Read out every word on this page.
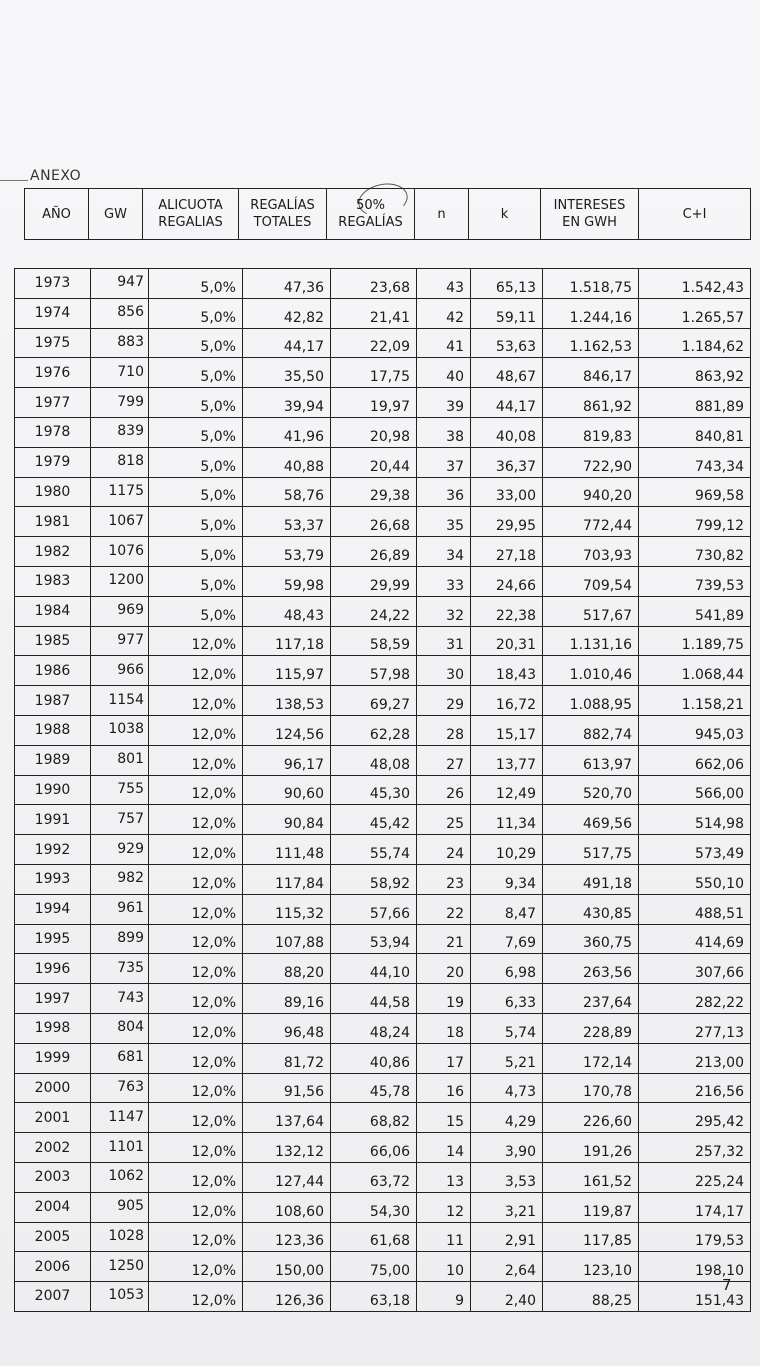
ANEXO
AÑO	GW	ALICUOTA REGALIAS	REGALÍAS TOTALES	50% REGALÍAS	n	k	INTERESES EN GWH	C+I
1973	947	5,0%	47,36	23,68	43	65,13	1.518,75	1.542,43
1974	856	5,0%	42,82	21,41	42	59,11	1.244,16	1.265,57
1975	883	5,0%	44,17	22,09	41	53,63	1.162,53	1.184,62
1976	710	5,0%	35,50	17,75	40	48,67	846,17	863,92
1977	799	5,0%	39,94	19,97	39	44,17	861,92	881,89
1978	839	5,0%	41,96	20,98	38	40,08	819,83	840,81
1979	818	5,0%	40,88	20,44	37	36,37	722,90	743,34
1980	1175	5,0%	58,76	29,38	36	33,00	940,20	969,58
1981	1067	5,0%	53,37	26,68	35	29,95	772,44	799,12
1982	1076	5,0%	53,79	26,89	34	27,18	703,93	730,82
1983	1200	5,0%	59,98	29,99	33	24,66	709,54	739,53
1984	969	5,0%	48,43	24,22	32	22,38	517,67	541,89
1985	977	12,0%	117,18	58,59	31	20,31	1.131,16	1.189,75
1986	966	12,0%	115,97	57,98	30	18,43	1.010,46	1.068,44
1987	1154	12,0%	138,53	69,27	29	16,72	1.088,95	1.158,21
1988	1038	12,0%	124,56	62,28	28	15,17	882,74	945,03
1989	801	12,0%	96,17	48,08	27	13,77	613,97	662,06
1990	755	12,0%	90,60	45,30	26	12,49	520,70	566,00
1991	757	12,0%	90,84	45,42	25	11,34	469,56	514,98
1992	929	12,0%	111,48	55,74	24	10,29	517,75	573,49
1993	982	12,0%	117,84	58,92	23	9,34	491,18	550,10
1994	961	12,0%	115,32	57,66	22	8,47	430,85	488,51
1995	899	12,0%	107,88	53,94	21	7,69	360,75	414,69
1996	735	12,0%	88,20	44,10	20	6,98	263,56	307,66
1997	743	12,0%	89,16	44,58	19	6,33	237,64	282,22
1998	804	12,0%	96,48	48,24	18	5,74	228,89	277,13
1999	681	12,0%	81,72	40,86	17	5,21	172,14	213,00
2000	763	12,0%	91,56	45,78	16	4,73	170,78	216,56
2001	1147	12,0%	137,64	68,82	15	4,29	226,60	295,42
2002	1101	12,0%	132,12	66,06	14	3,90	191,26	257,32
2003	1062	12,0%	127,44	63,72	13	3,53	161,52	225,24
2004	905	12,0%	108,60	54,30	12	3,21	119,87	174,17
2005	1028	12,0%	123,36	61,68	11	2,91	117,85	179,53
2006	1250	12,0%	150,00	75,00	10	2,64	123,10	198,10
2007	1053	12,0%	126,36	63,18	9	2,40	88,25	151,43
7
